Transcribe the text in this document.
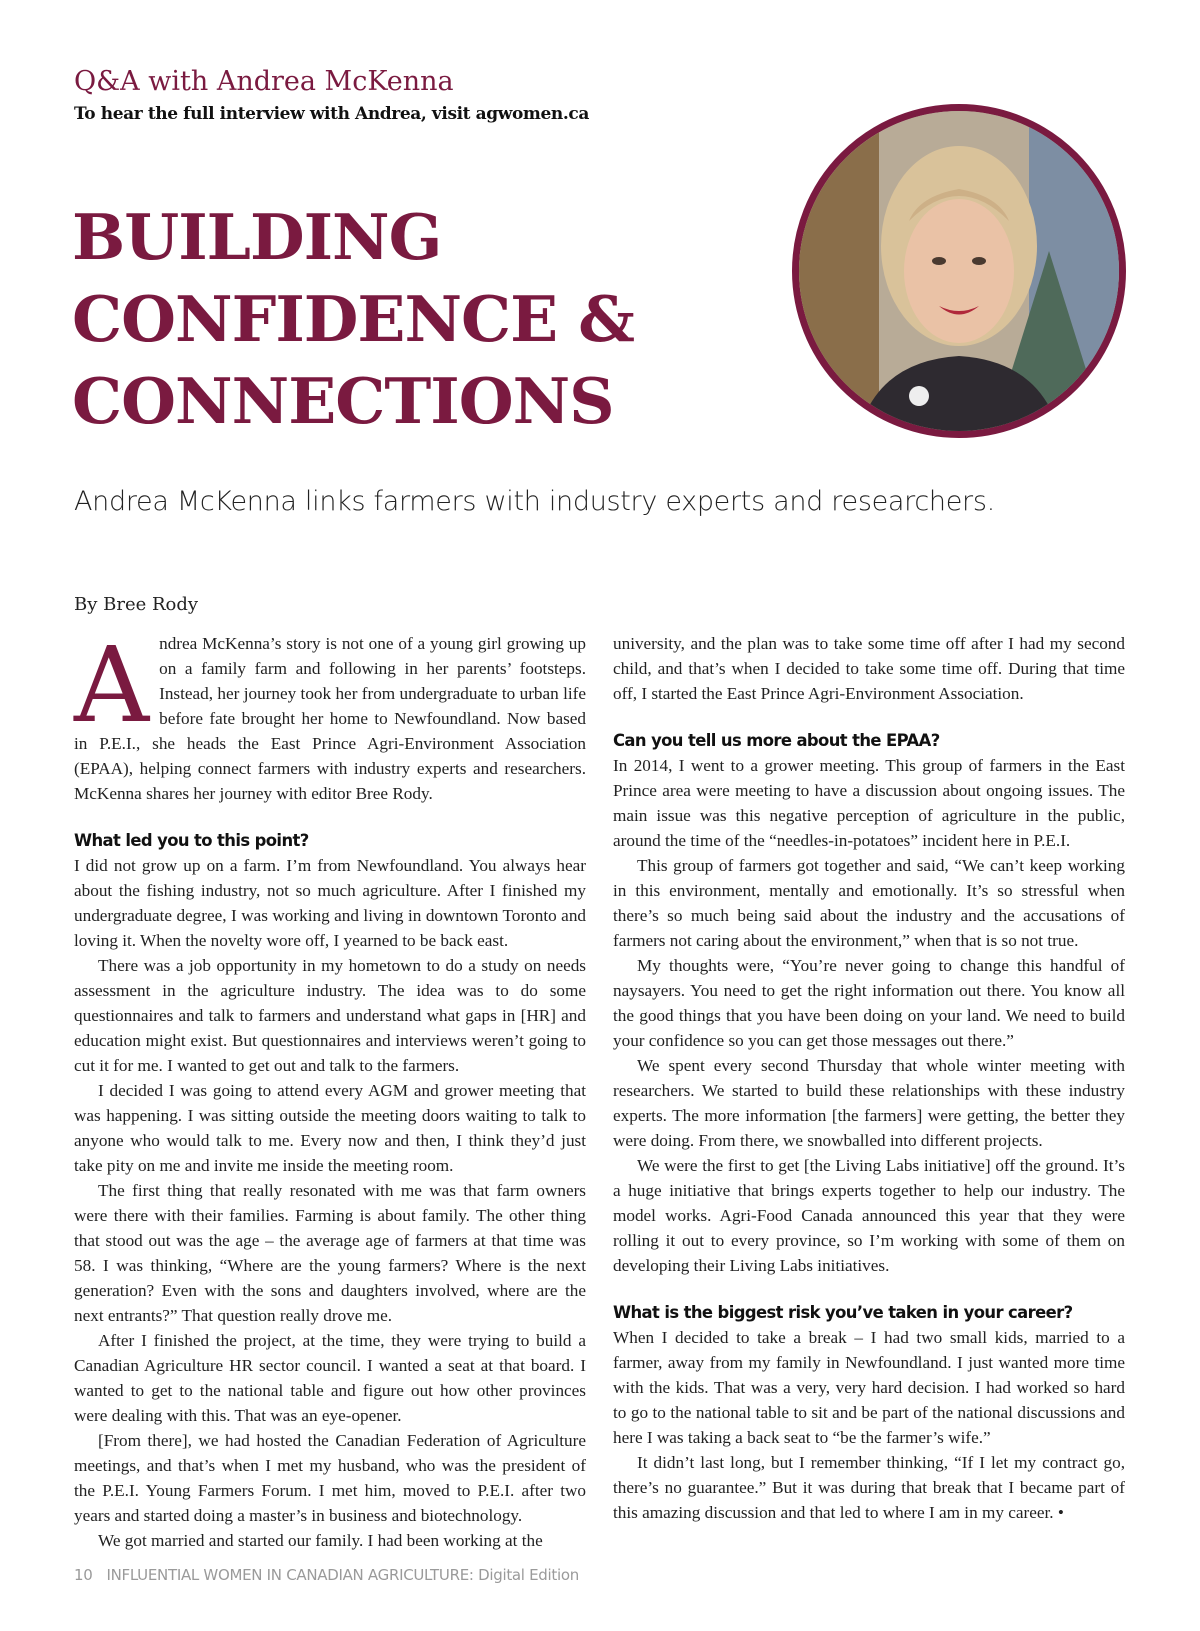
Q&A with Andrea McKenna
To hear the full interview with Andrea, visit agwomen.ca
BUILDING
CONFIDENCE &
CONNECTIONS
Andrea McKenna links farmers with industry experts and researchers.
By Bree Rody

Andrea McKenna’s story is not one of a young girl growing up on a family farm and following in her parents’ footsteps. Instead, her journey took her from undergraduate to urban life before fate brought her home to Newfoundland. Now based in P.E.I., she heads the East Prince Agri-Environment Association (EPAA), helping connect farmers with industry experts and researchers. McKenna shares her journey with editor Bree Rody.

What led you to this point?

I did not grow up on a farm. I’m from Newfoundland. You always hear about the fishing industry, not so much agriculture. After I finished my undergraduate degree, I was working and living in downtown Toronto and loving it. When the novelty wore off, I yearned to be back east.

There was a job opportunity in my hometown to do a study on needs assessment in the agriculture industry. The idea was to do some questionnaires and talk to farmers and understand what gaps in [HR] and education might exist. But questionnaires and interviews weren’t going to cut it for me. I wanted to get out and talk to the farmers.

I decided I was going to attend every AGM and grower meeting that was happening. I was sitting outside the meeting doors waiting to talk to anyone who would talk to me. Every now and then, I think they’d just take pity on me and invite me inside the meeting room.

The first thing that really resonated with me was that farm owners were there with their families. Farming is about family. The other thing that stood out was the age – the average age of farmers at that time was 58. I was thinking, “Where are the young farmers? Where is the next generation? Even with the sons and daughters involved, where are the next entrants?” That question really drove me.

After I finished the project, at the time, they were trying to build a Canadian Agriculture HR sector council. I wanted a seat at that board. I wanted to get to the national table and figure out how other provinces were dealing with this. That was an eye-opener.

[From there], we had hosted the Canadian Federation of Agriculture meetings, and that’s when I met my husband, who was the president of the P.E.I. Young Farmers Forum. I met him, moved to P.E.I. after two years and started doing a master’s in business and biotechnology.

We got married and started our family. I had been working at the

university, and the plan was to take some time off after I had my second child, and that’s when I decided to take some time off. During that time off, I started the East Prince Agri-Environment Association.

Can you tell us more about the EPAA?

In 2014, I went to a grower meeting. This group of farmers in the East Prince area were meeting to have a discussion about ongoing issues. The main issue was this negative perception of agriculture in the public, around the time of the “needles-in-potatoes” incident here in P.E.I.

This group of farmers got together and said, “We can’t keep working in this environment, mentally and emotionally. It’s so stressful when there’s so much being said about the industry and the accusations of farmers not caring about the environment,” when that is so not true.

My thoughts were, “You’re never going to change this handful of naysayers. You need to get the right information out there. You know all the good things that you have been doing on your land. We need to build your confidence so you can get those messages out there.”

We spent every second Thursday that whole winter meeting with researchers. We started to build these relationships with these industry experts. The more information [the farmers] were getting, the better they were doing. From there, we snowballed into different projects.

We were the first to get [the Living Labs initiative] off the ground. It’s a huge initiative that brings experts together to help our industry. The model works. Agri-Food Canada announced this year that they were rolling it out to every province, so I’m working with some of them on developing their Living Labs initiatives.

What is the biggest risk you’ve taken in your career?

When I decided to take a break – I had two small kids, married to a farmer, away from my family in Newfoundland. I just wanted more time with the kids. That was a very, very hard decision. I had worked so hard to go to the national table to sit and be part of the national discussions and here I was taking a back seat to “be the farmer’s wife.”

It didn’t last long, but I remember thinking, “If I let my contract go, there’s no guarantee.” But it was during that break that I became part of this amazing discussion and that led to where I am in my career. •

10 INFLUENTIAL WOMEN IN CANADIAN AGRICULTURE: Digital Edition
